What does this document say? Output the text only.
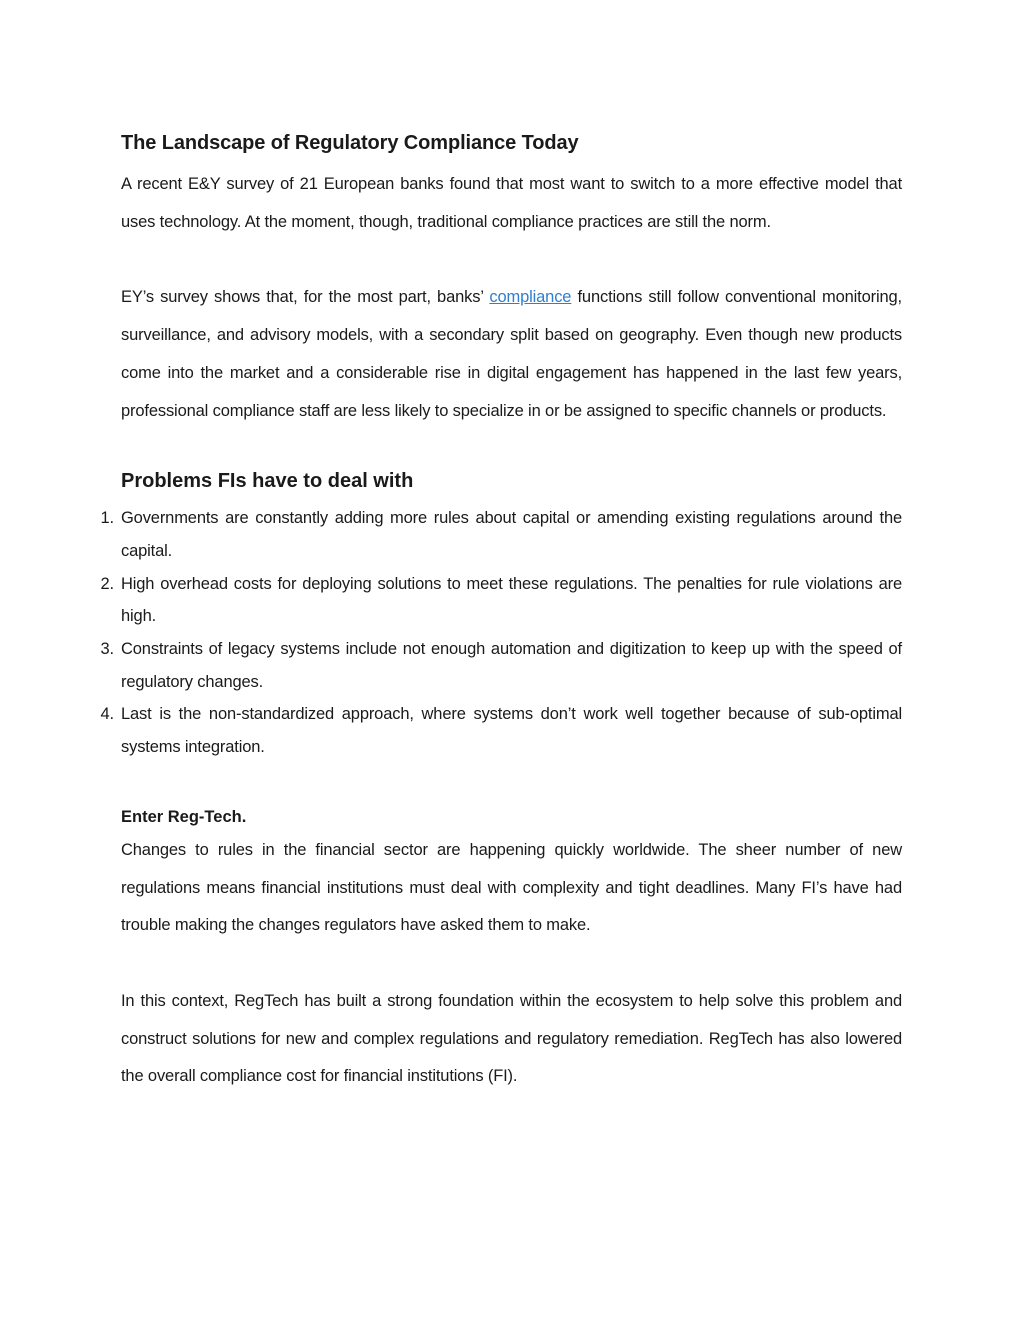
The Landscape of Regulatory Compliance Today

A recent E&Y survey of 21 European banks found that most want to switch to a more effective model that uses technology. At the moment, though, traditional compliance practices are still the norm.

EY’s survey shows that, for the most part, banks’ compliance functions still follow conventional monitoring, surveillance, and advisory models, with a secondary split based on geography. Even though new products come into the market and a considerable rise in digital engagement has happened in the last few years, professional compliance staff are less likely to specialize in or be assigned to specific channels or products.

Problems FIs have to deal with
1. Governments are constantly adding more rules about capital or amending existing regulations around the capital.
2. High overhead costs for deploying solutions to meet these regulations. The penalties for rule violations are high.
3. Constraints of legacy systems include not enough automation and digitization to keep up with the speed of regulatory changes.
4. Last is the non-standardized approach, where systems don’t work well together because of sub-optimal systems integration.
Enter Reg-Tech.

Changes to rules in the financial sector are happening quickly worldwide. The sheer number of new regulations means financial institutions must deal with complexity and tight deadlines. Many FI’s have had trouble making the changes regulators have asked them to make.

In this context, RegTech has built a strong foundation within the ecosystem to help solve this problem and construct solutions for new and complex regulations and regulatory remediation. RegTech has also lowered the overall compliance cost for financial institutions (FI).
